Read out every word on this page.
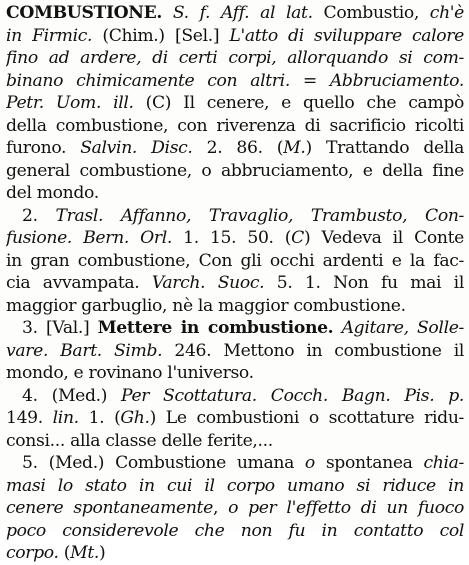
COMBUSTIONE. S. f. Aff. al lat. Combustio, ch'è
in Firmic. (Chim.) [Sel.] L'atto di sviluppare calore
fino ad ardere, di certi corpi, allorquando si com-
binano chimicamente con altri. = Abbruciamento.
Petr. Uom. ill. (C) Il cenere, e quello che campò
della combustione, con riverenza di sacrificio ricolti
furono. Salvin. Disc. 2. 86. (M.) Trattando della
general combustione, o abbruciamento, e della fine
del mondo.
2. Trasl. Affanno, Travaglio, Trambusto, Con-
fusione. Bern. Orl. 1. 15. 50. (C) Vedeva il Conte
in gran combustione, Con gli occhi ardenti e la fac-
cia avvampata. Varch. Suoc. 5. 1. Non fu mai il
maggior garbuglio, nè la maggior combustione.
3. [Val.] Mettere in combustione. Agitare, Solle-
vare. Bart. Simb. 246. Mettono in combustione il
mondo, e rovinano l'universo.
4. (Med.) Per Scottatura. Cocch. Bagn. Pis. p.
149. lin. 1. (Gh.) Le combustioni o scottature ridu-
consi... alla classe delle ferite,...
5. (Med.) Combustione umana o spontanea chia-
masi lo stato in cui il corpo umano si riduce in
cenere spontaneamente, o per l'effetto di un fuoco
poco considerevole che non fu in contatto col
corpo. (Mt.)
